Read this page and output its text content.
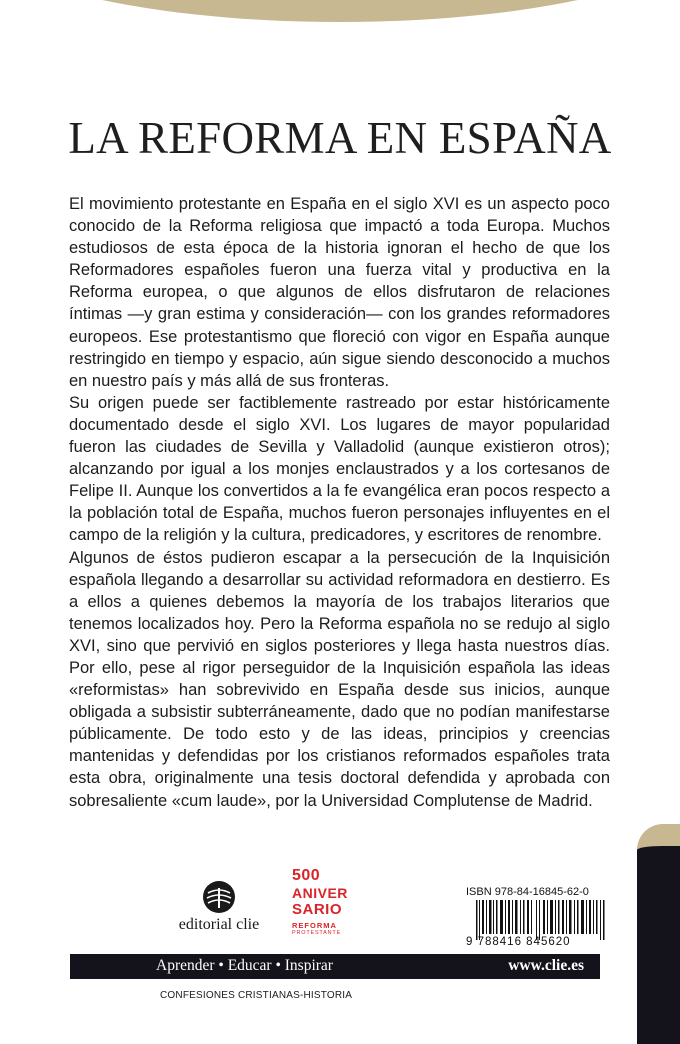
LA REFORMA EN ESPAÑA

El movimiento protestante en España en el siglo XVI es un aspecto poco conocido de la Reforma religiosa que impactó a toda Europa. Muchos estudiosos de esta época de la historia ignoran el hecho de que los Reformadores españoles fueron una fuerza vital y productiva en la Reforma europea, o que algunos de ellos disfrutaron de relaciones íntimas —y gran estima y consideración— con los grandes reformadores europeos. Ese protestantismo que floreció con vigor en España aunque restringido en tiempo y espacio, aún sigue siendo desconocido a muchos en nuestro país y más allá de sus fronteras.

Su origen puede ser factiblemente rastreado por estar históricamente documentado desde el siglo XVI. Los lugares de mayor popularidad fueron las ciudades de Sevilla y Valladolid (aunque existieron otros); alcanzando por igual a los monjes enclaustrados y a los cortesanos de Felipe II. Aunque los convertidos a la fe evangélica eran pocos respecto a la población total de España, muchos fueron personajes influyentes en el campo de la religión y la cultura, predicadores, y escritores de renombre.

Algunos de éstos pudieron escapar a la persecución de la Inquisición española llegando a desarrollar su actividad reformadora en destierro. Es a ellos a quienes debemos la mayoría de los trabajos literarios que tenemos localizados hoy. Pero la Reforma española no se redujo al siglo XVI, sino que pervivió en siglos posteriores y llega hasta nuestros días. Por ello, pese al rigor perseguidor de la Inquisición española las ideas «reformistas» han sobrevivido en España desde sus inicios, aunque obligada a subsistir subterráneamente, dado que no podían manifestarse públicamente. De todo esto y de las ideas, principios y creencias mantenidas y defendidas por los cristianos reformados españoles trata esta obra, originalmente una tesis doctoral defendida y aprobada con sobresaliente «cum laude», por la Universidad Complutense de Madrid.

editorial clie
500
ANIVER
SARIO
REFORMA
PROTESTANTE
ISBN 978-84-16845-62-0
9 788416 845620
Aprender • Educar • Inspirar	www.clie.es
CONFESIONES CRISTIANAS-HISTORIA
